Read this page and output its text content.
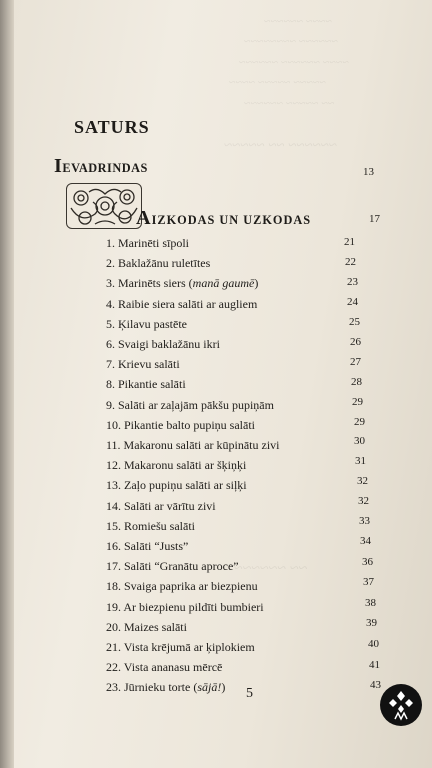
~~~~ ~~~~~~
~~~~~~ ~~~~~~~~
~~~~ ~~~~~~ ~~~~~~
~~~~~ ~~~~~ ~~~~
~~ ~~~~~ ~~~~~~
~~~~~~ ~~ ~~~~~
~~ ~~~~~~
SATURS
IEVADRINDAS	13
AIZKODAS UN UZKODAS	17
1. Marinēti sīpoli	21
2. Baklažānu ruletītes	22
3. Marinēts siers (manā gaumē)	23
4. Raibie siera salāti ar augliem	24
5. Ķilavu pastēte	25
6. Svaigi baklažānu ikri	26
7. Krievu salāti	27
8. Pikantie salāti	28
9. Salāti ar zaļajām pākšu pupiņām	29
10. Pikantie balto pupiņu salāti	29
11. Makaronu salāti ar kūpinātu zivi	30
12. Makaronu salāti ar šķiņķi	31
13. Zaļo pupiņu salāti ar siļķi	32
14. Salāti ar vārītu zivi	32
15. Romiešu salāti	33
16. Salāti “Justs”	34
17. Salāti “Granātu aproce”	36
18. Svaiga paprika ar biezpienu	37
19. Ar biezpienu pildīti bumbieri	38
20. Maizes salāti	39
21. Vista krējumā ar ķiplokiem	40
22. Vista ananasu mērcē	41
23. Jūrnieku torte (sājā!)	43
5
